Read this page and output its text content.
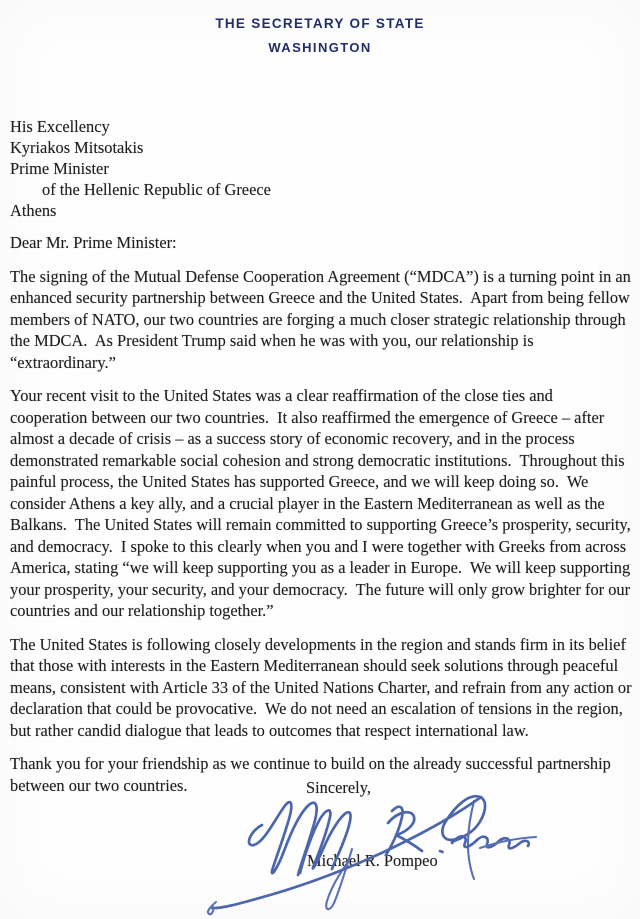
THE SECRETARY OF STATE
WASHINGTON
His Excellency
Kyriakos Mitsotakis
Prime Minister
of the Hellenic Republic of Greece
Athens
Dear Mr. Prime Minister:

The signing of the Mutual Defense Cooperation Agreement (“MDCA”) is a turning point in an enhanced security partnership between Greece and the United States.  Apart from being fellow members of NATO, our two countries are forging a much closer strategic relationship through the MDCA.  As President Trump said when he was with you, our relationship is “extraordinary.”

Your recent visit to the United States was a clear reaffirmation of the close ties and cooperation between our two countries.  It also reaffirmed the emergence of Greece – after almost a decade of crisis – as a success story of economic recovery, and in the process demonstrated remarkable social cohesion and strong democratic institutions.  Throughout this painful process, the United States has supported Greece, and we will keep doing so.  We consider Athens a key ally, and a crucial player in the Eastern Mediterranean as well as the Balkans.  The United States will remain committed to supporting Greece’s prosperity, security, and democracy.  I spoke to this clearly when you and I were together with Greeks from across America, stating “we will keep supporting you as a leader in Europe.  We will keep supporting your prosperity, your security, and your democracy.  The future will only grow brighter for our countries and our relationship together.”

The United States is following closely developments in the region and stands firm in its belief that those with interests in the Eastern Mediterranean should seek solutions through peaceful means, consistent with Article 33 of the United Nations Charter, and refrain from any action or declaration that could be provocative.  We do not need an escalation of tensions in the region, but rather candid dialogue that leads to outcomes that respect international law.

Thank you for your friendship as we continue to build on the already successful partnership between our two countries.	Sincerely,
Michael R. Pompeo
